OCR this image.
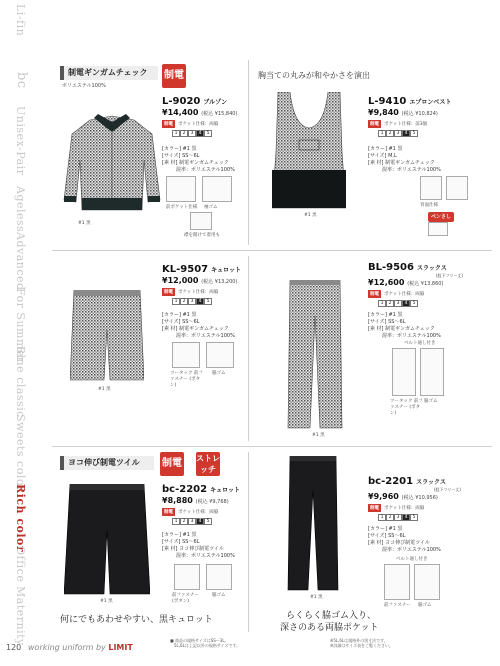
Li-fin
bc
Unisex-Pair
Ageless
Advanced
For Summer
Blue classic
Sweets color
Rich color
Office
Maternity
120 working uniform by LIMIT
制電ギンガムチェック
ポリエステル100%
制電	胸当ての丸みが和やかさを演出
#1 黒
L-9020 ブルゾン
¥14,400 (税込 ¥15,840)
制電	ポケット仕様：両脇
1	2	3	4	5
[カラー] #1 黒
[サイズ] SS〜6L
[素 材] 制電ギンガムチェック
混率：ポリエステル100%
前ポケット仕様 袖ゴム
襟を開けて着用も
#1 黒
L-9410 エプロンベスト
¥9,840 (税込 ¥10,824)
制電	ポケット仕様：前3個
1	2	3	4	5
[カラー] #1 黒
[サイズ] M,L
[素 材] 制電ギンガムチェック
混率：ポリエステル100%
背面仕様
ペンさし
#1 黒
KL-9507 キュロット
¥12,000 (税込 ¥13,200)
制電	ポケット仕様：両脇
1	2	3	4	5
[カラー] #1 黒
[サイズ] SS〜6L
[素 材] 制電ギンガムチェック
混率：ポリエステル100%
ツータック 前ファスナー (ボタン)
脇ゴム
#1 黒
BL-9506 スラックス
(股下フリー丈)
¥12,600 (税込 ¥13,860)
制電	ポケット仕様：両脇
1	2	3	4	5
[カラー] #1 黒
[サイズ] SS〜6L
[素 材] 制電ギンガムチェック
混率：ポリエステル100%
ベルト通し付き
ツータック 前ファスナー (ボタン)
脇ゴム
ヨコ伸び制電ツイル	制電 ストレッチ
#1 黒
bc-2202 キュロット
¥8,880 (税込 ¥9,768)
制電	ポケット仕様：両脇
1	2	3	4	5
[カラー] #1 黒
[サイズ] SS〜6L
[素 材] ヨコ伸び制電ツイル
混率：ポリエステル100%
前ファスナー (ボタン)
脇ゴム
何にでもあわせやすい、黒キュロット
#1 黒
bc-2201 スラックス
(股下フリー丈)
¥9,960 (税込 ¥10,956)
制電	ポケット仕様：両脇
1	2	3	4	5
[カラー] #1 黒
[サイズ] SS〜6L
[素 材] ヨコ伸び制電ツイル
混率：ポリエステル100%
ベルト通し付き
前ファスナー 脇ゴム
らくらく脇ゴム入り、
深さのある両脇ポケット
■ 商品の規格サイズはSS〜3L。
　5L,6Lは上記以外の規格サイズです。
※5L,6Lは規格外の別寸法です。
※詳細はサイズ表をご覧ください。
